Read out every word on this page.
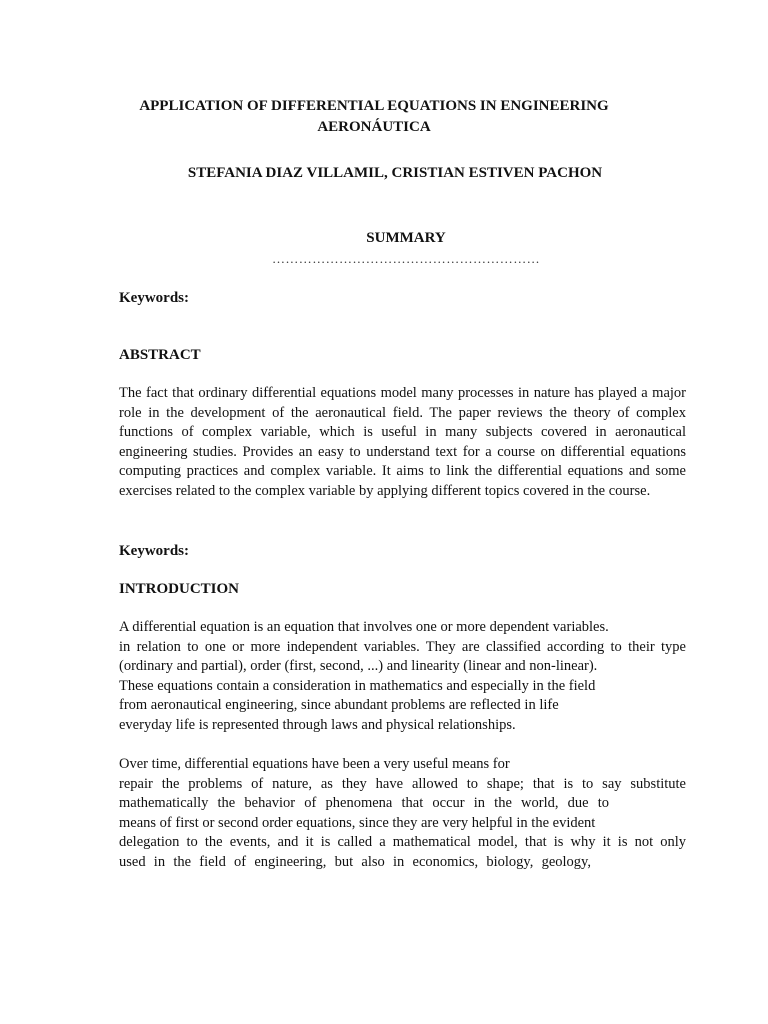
APPLICATION OF DIFFERENTIAL EQUATIONS IN ENGINEERING
AERONÁUTICA
STEFANIA DIAZ VILLAMIL, CRISTIAN ESTIVEN PACHON
SUMMARY
……………………………………………………
Keywords:
ABSTRACT
The fact that ordinary differential equations model many processes in nature has played a major role in the development of the aeronautical field. The paper reviews the theory of complex functions of complex variable, which is useful in many subjects covered in aeronautical engineering studies. Provides an easy to understand text for a course on differential equations computing practices and complex variable. It aims to link the differential equations and some exercises related to the complex variable by applying different topics covered in the course.
Keywords:
INTRODUCTION
A differential equation is an equation that involves one or more dependent variables.
in relation to one or more independent variables. They are classified according to their type
(ordinary and partial), order (first, second, ...) and linearity (linear and non-linear).
These equations contain a consideration in mathematics and especially in the field
from aeronautical engineering, since abundant problems are reflected in life
everyday life is represented through laws and physical relationships.
Over time, differential equations have been a very useful means for
repair the problems of nature, as they have allowed to shape; that is to say substitute
mathematically the behavior of phenomena that occur in the world, due to
means of first or second order equations, since they are very helpful in the evident
delegation to the events, and it is called a mathematical model, that is why it is not only
used in the field of engineering, but also in economics, biology, geology,
